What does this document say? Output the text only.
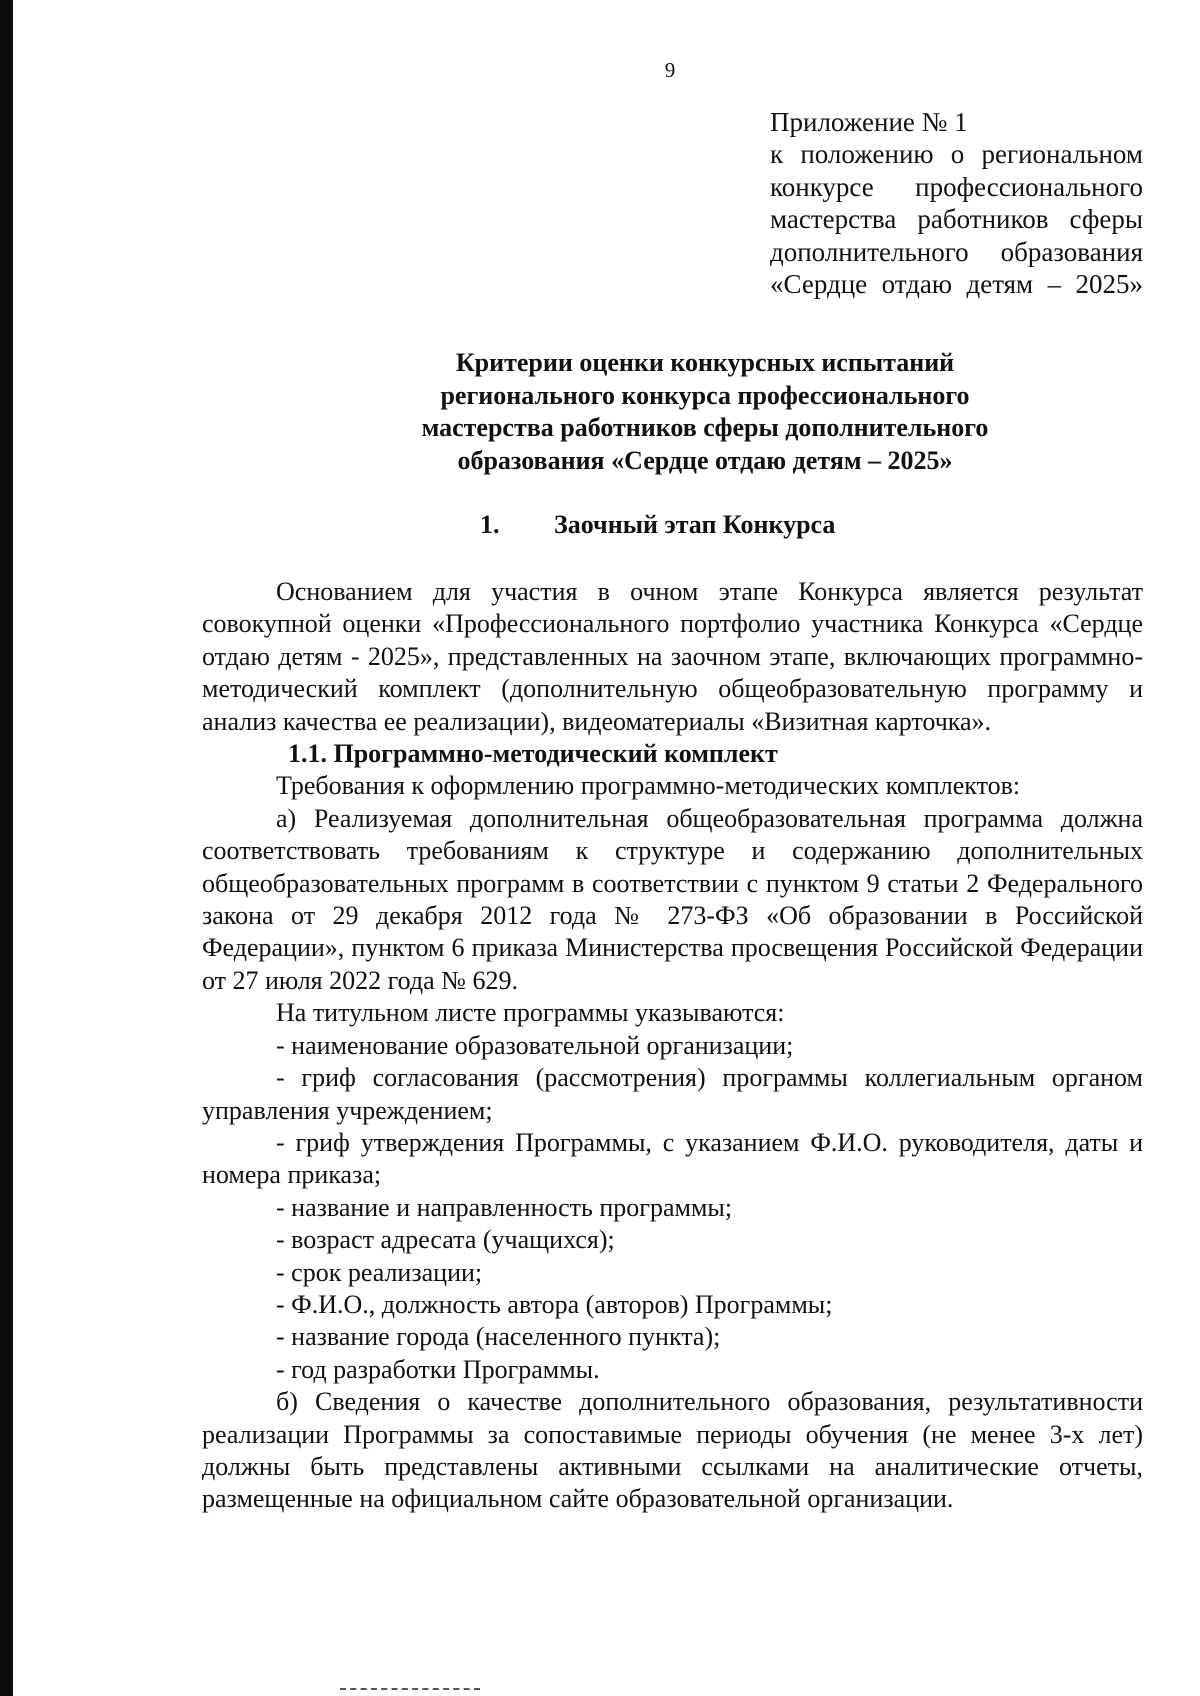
9
Приложение № 1
к положению о региональном
конкурсе профессионального
мастерства работников сферы
дополнительного образования
«Сердце отдаю детям – 2025»
Критерии оценки конкурсных испытаний
регионального конкурса профессионального
мастерства работников сферы дополнительного
образования «Сердце отдаю детям – 2025»
1. Заочный этап Конкурса

Основанием для участия в очном этапе Конкурса является результат совокупной оценки «Профессионального портфолио участника Конкурса «Сердце отдаю детям - 2025», представленных на заочном этапе, включающих программно-методический комплект (дополнительную общеобразовательную программу и анализ качества ее реализации), видеоматериалы «Визитная карточка».

1.1. Программно-методический комплект

Требования к оформлению программно-методических комплектов:

а) Реализуемая дополнительная общеобразовательная программа должна соответствовать требованиям к структуре и содержанию дополнительных общеобразовательных программ в соответствии с пунктом 9 статьи 2 Федерального закона от 29 декабря 2012 года № 273-ФЗ «Об образовании в Российской Федерации», пунктом 6 приказа Министерства просвещения Российской Федерации от 27 июля 2022 года № 629.

На титульном листе программы указываются:

- наименование образовательной организации;

- гриф согласования (рассмотрения) программы коллегиальным органом управления учреждением;

- гриф утверждения Программы, с указанием Ф.И.О. руководителя, даты и номера приказа;

- название и направленность программы;

- возраст адресата (учащихся);

- срок реализации;

- Ф.И.О., должность автора (авторов) Программы;

- название города (населенного пункта);

- год разработки Программы.

б) Сведения о качестве дополнительного образования, результативности реализации Программы за сопоставимые периоды обучения (не менее 3-х лет) должны быть представлены активными ссылками на аналитические отчеты, размещенные на официальном сайте образовательной организации.
